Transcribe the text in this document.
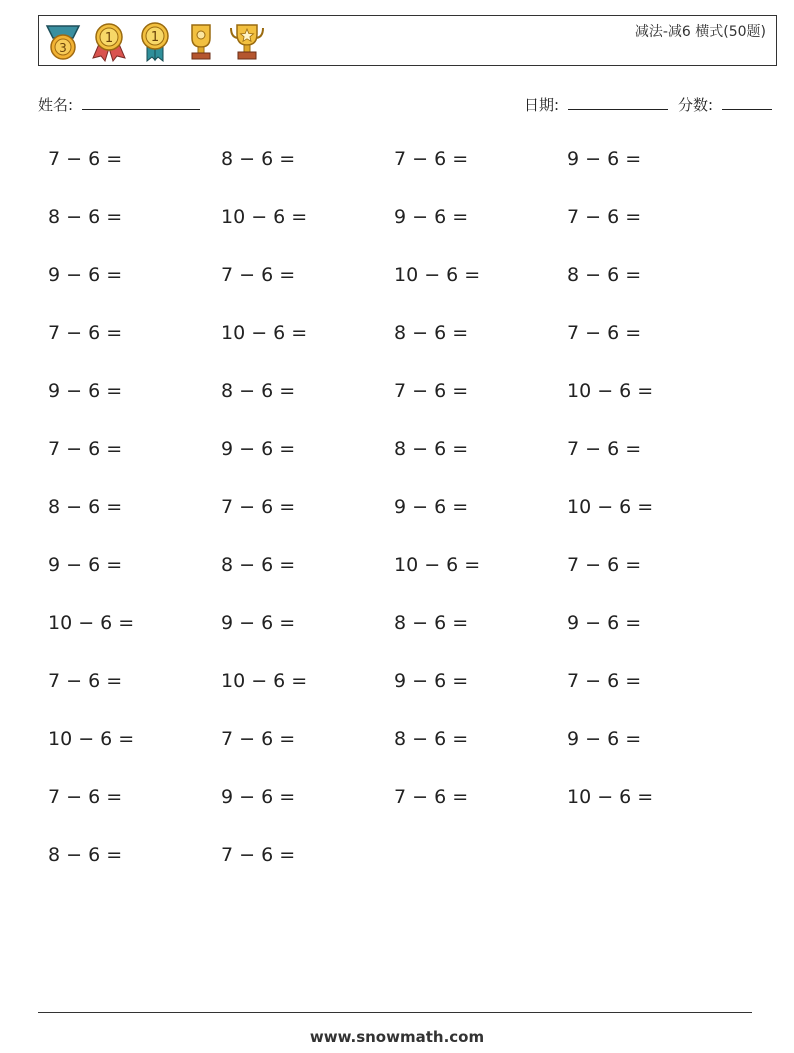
3
1	1	减法-减6 横式(50题)
姓名:	日期:	分数:
7 − 6 =	8 − 6 =	7 − 6 =	9 − 6 =
8 − 6 =	10 − 6 =	9 − 6 =	7 − 6 =
9 − 6 =	7 − 6 =	10 − 6 =	8 − 6 =
7 − 6 =	10 − 6 =	8 − 6 =	7 − 6 =
9 − 6 =	8 − 6 =	7 − 6 =	10 − 6 =
7 − 6 =	9 − 6 =	8 − 6 =	7 − 6 =
8 − 6 =	7 − 6 =	9 − 6 =	10 − 6 =
9 − 6 =	8 − 6 =	10 − 6 =	7 − 6 =
10 − 6 =	9 − 6 =	8 − 6 =	9 − 6 =
7 − 6 =	10 − 6 =	9 − 6 =	7 − 6 =
10 − 6 =	7 − 6 =	8 − 6 =	9 − 6 =
7 − 6 =	9 − 6 =	7 − 6 =	10 − 6 =
8 − 6 =	7 − 6 =
www.snowmath.com
